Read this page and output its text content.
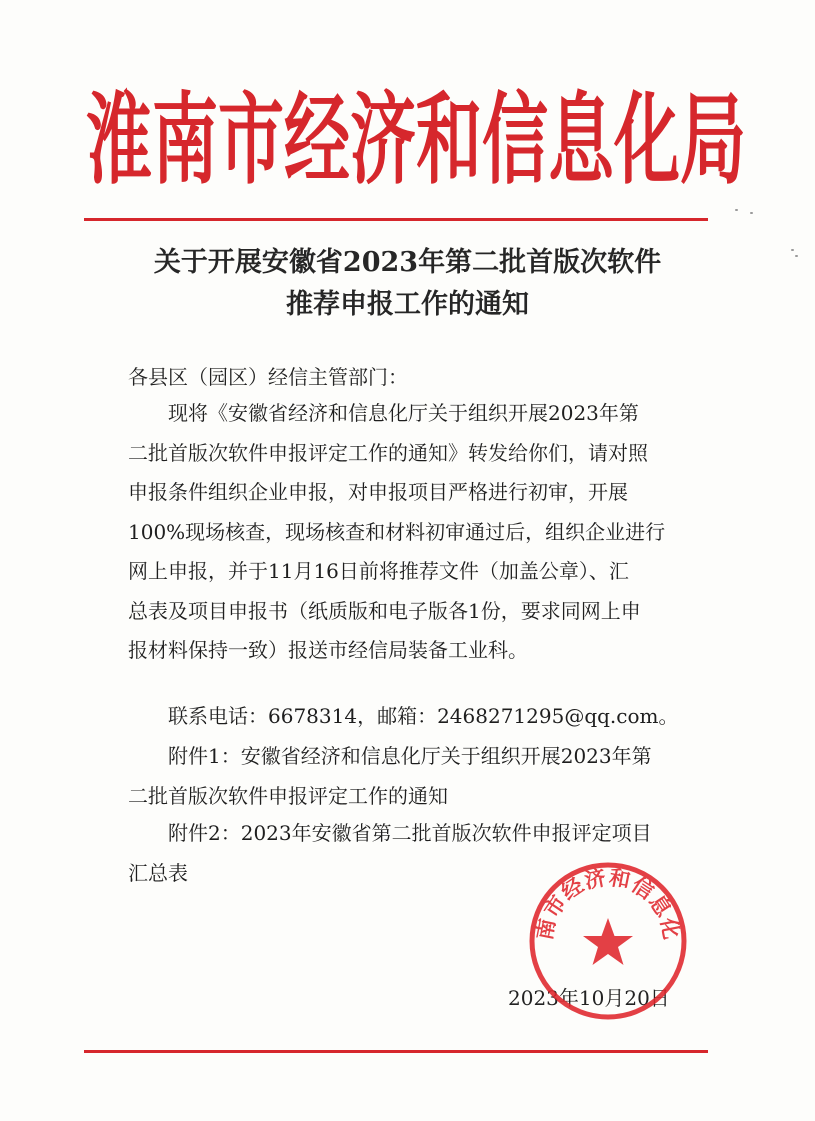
淮南市经济和信息化局
关于开展安徽省2023年第二批首版次软件
推荐申报工作的通知
各县区（园区）经信主管部门：
　　现将《安徽省经济和信息化厅关于组织开展2023年第
二批首版次软件申报评定工作的通知》转发给你们，请对照
申报条件组织企业申报，对申报项目严格进行初审，开展
100%现场核查，现场核查和材料初审通过后，组织企业进行
网上申报，并于11月16日前将推荐文件（加盖公章）、汇
总表及项目申报书（纸质版和电子版各1份，要求同网上申
报材料保持一致）报送市经信局装备工业科。
　　联系电话：6678314，邮箱：2468271295@qq.com。
　　附件1：安徽省经济和信息化厅关于组织开展2023年第
二批首版次软件申报评定工作的通知
　　附件2：2023年安徽省第二批首版次软件申报评定项目
汇总表
2023年10月20日
南市经济和信息化
